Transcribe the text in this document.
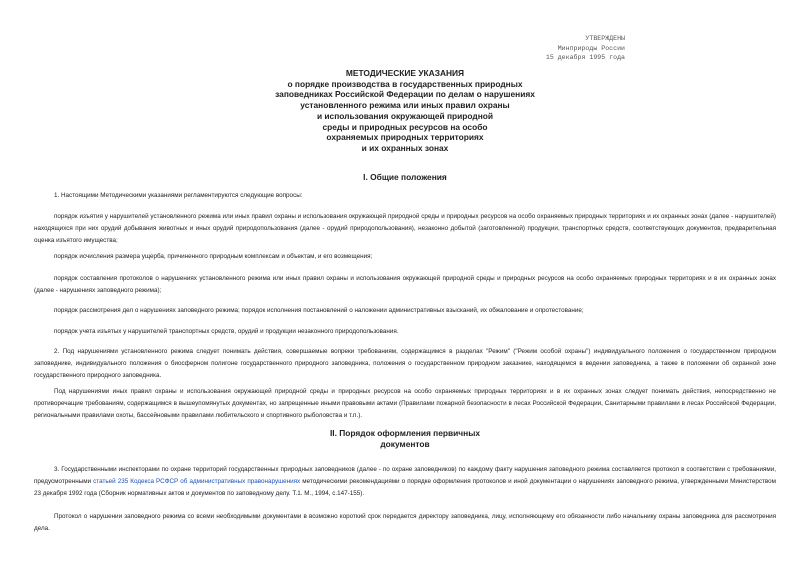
УТВЕРЖДЕНЫ
Минприроды России
15 декабря 1995 года
МЕТОДИЧЕСКИЕ УКАЗАНИЯ
о порядке производства в государственных природных
заповедниках Российской Федерации по делам о нарушениях
установленного режима или иных правил охраны
и использования окружающей природной
среды и природных ресурсов на особо
охраняемых природных территориях
и их охранных зонах
I. Общие положения
1. Настоящими Методическими указаниями регламентируются следующие вопросы:
порядок изъятия у нарушителей установленного режима или иных правил охраны и использования окружающей природной среды и природных ресурсов на особо охраняемых природных территориях и их охранных зонах (далее - нарушителей) находящихся при них орудий добывания животных и иных орудий природопользования (далее - орудий природопользования), незаконно добытой (заготовленной) продукции, транспортных средств, соответствующих документов, предварительная оценка изъятого имущества;
порядок исчисления размера ущерба, причиненного природным комплексам и объектам, и его возмещения;
порядок составления протоколов о нарушениях установленного режима или иных правил охраны и использования окружающей природной среды и природных ресурсов на особо охраняемых природных территориях и в их охранных зонах (далее - нарушениях заповедного режима);
порядок рассмотрения дел о нарушениях заповедного режима; порядок исполнения постановлений о наложении административных взысканий, их обжалование и опротестование;
порядок учета изъятых у нарушителей транспортных средств, орудий и продукции незаконного природопользования.
2. Под нарушениями установленного режима следует понимать действия, совершаемые вопреки требованиям, содержащимся в разделах "Режим" ("Режим особой охраны") индивидуального положения о государственном природном заповеднике, индивидуального положения о биосферном полигоне государственного природного заповедника, положения о государственном природном заказнике, находящемся в ведении заповедника, а также в положении об охранной зоне государственного природного заповедника.
Под нарушениями иных правил охраны и использования окружающей природной среды и природных ресурсов на особо охраняемых природных территориях и в их охранных зонах следует понимать действия, непосредственно не противоречащие требованиям, содержащимся в вышеупомянутых документах, но запрещенные иными правовыми актами (Правилами пожарной безопасности в лесах Российской Федерации, Санитарными правилами в лесах Российской Федерации, региональными правилами охоты, бассейновыми правилами любительского и спортивного рыболовства и т.п.).
II. Порядок оформления первичных
документов
3. Государственными инспекторами по охране территорий государственных природных заповедников (далее - по охране заповедников) по каждому факту нарушения заповедного режима составляется протокол в соответствии с требованиями, предусмотренными статьей 235 Кодекса РСФСР об административных правонарушениях методическими рекомендациями о порядке оформления протоколов и иной документации о нарушениях заповедного режима, утвержденными Министерством 23 декабря 1992 года (Сборник нормативных актов и документов по заповедному делу. Т.1. М., 1994, с.147-155).
Протокол о нарушении заповедного режима со всеми необходимыми документами в возможно короткий срок передается директору заповедника, лицу, исполняющему его обязанности либо начальнику охраны заповедника для рассмотрения дела.
